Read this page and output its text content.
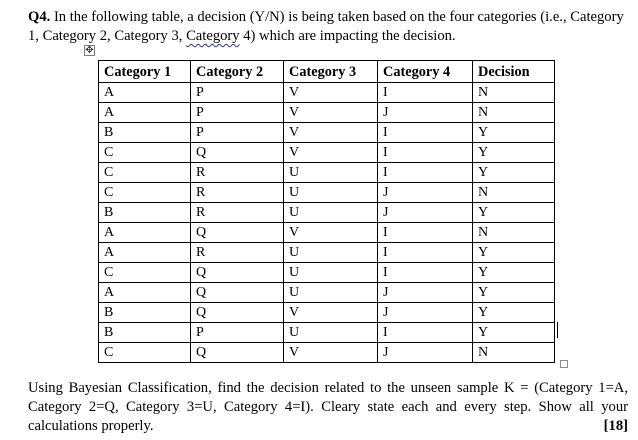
Q4. In the following table, a decision (Y/N) is being taken based on the four categories (i.e., Category 1, Category 2, Category 3, Category 4) which are impacting the decision.
✥
Category 1	Category 2	Category 3	Category 4	Decision
A	P	V	I	N
A	P	V	J	N
B	P	V	I	Y
C	Q	V	I	Y
C	R	U	I	Y
C	R	U	J	N
B	R	U	J	Y
A	Q	V	I	N
A	R	U	I	Y
C	Q	U	I	Y
A	Q	U	J	Y
B	Q	V	J	Y
B	P	U	I	Y
C	Q	V	J	N
Using Bayesian Classification, find the decision related to the unseen sample K = (Category 1=A, Category 2=Q, Category 3=U, Category 4=I). Cleary state each and every step. Show all your calculations properly.	[18]
